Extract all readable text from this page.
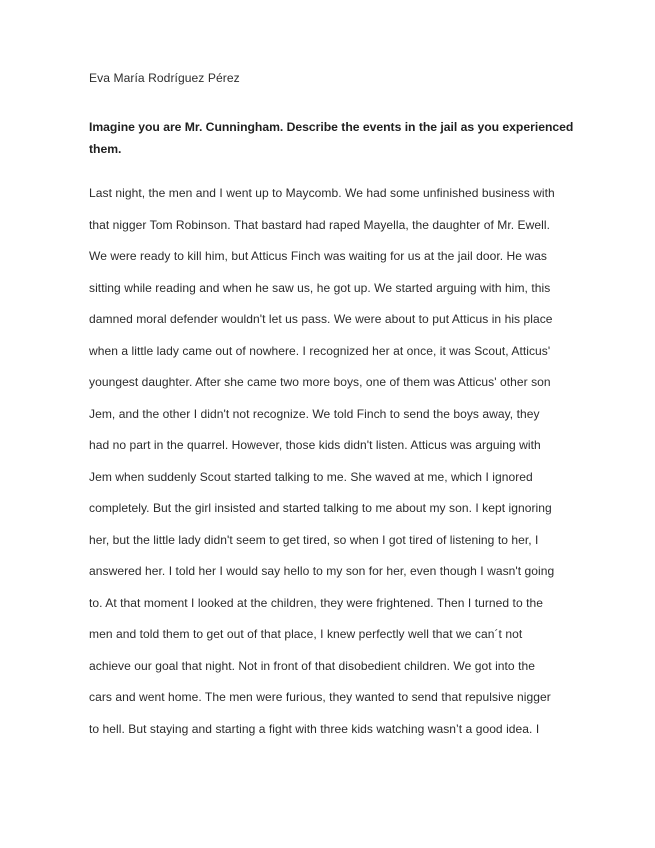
Eva María Rodríguez Pérez

Imagine you are Mr. Cunningham. Describe the events in the jail as you experienced
them.
Last night, the men and I went up to Maycomb. We had some unfinished business with
that nigger Tom Robinson. That bastard had raped Mayella, the daughter of Mr. Ewell.
We were ready to kill him, but Atticus Finch was waiting for us at the jail door. He was
sitting while reading and when he saw us, he got up. We started arguing with him, this
damned moral defender wouldn't let us pass. We were about to put Atticus in his place
when a little lady came out of nowhere. I recognized her at once, it was Scout, Atticus'
youngest daughter. After she came two more boys, one of them was Atticus' other son
Jem, and the other I didn't not recognize. We told Finch to send the boys away, they
had no part in the quarrel. However, those kids didn't listen. Atticus was arguing with
Jem when suddenly Scout started talking to me. She waved at me, which I ignored
completely. But the girl insisted and started talking to me about my son. I kept ignoring
her, but the little lady didn't seem to get tired, so when I got tired of listening to her, I
answered her. I told her I would say hello to my son for her, even though I wasn't going
to. At that moment I looked at the children, they were frightened. Then I turned to the
men and told them to get out of that place, I knew perfectly well that we can´t not
achieve our goal that night. Not in front of that disobedient children. We got into the
cars and went home. The men were furious, they wanted to send that repulsive nigger
to hell. But staying and starting a fight with three kids watching wasn’t a good idea. I
